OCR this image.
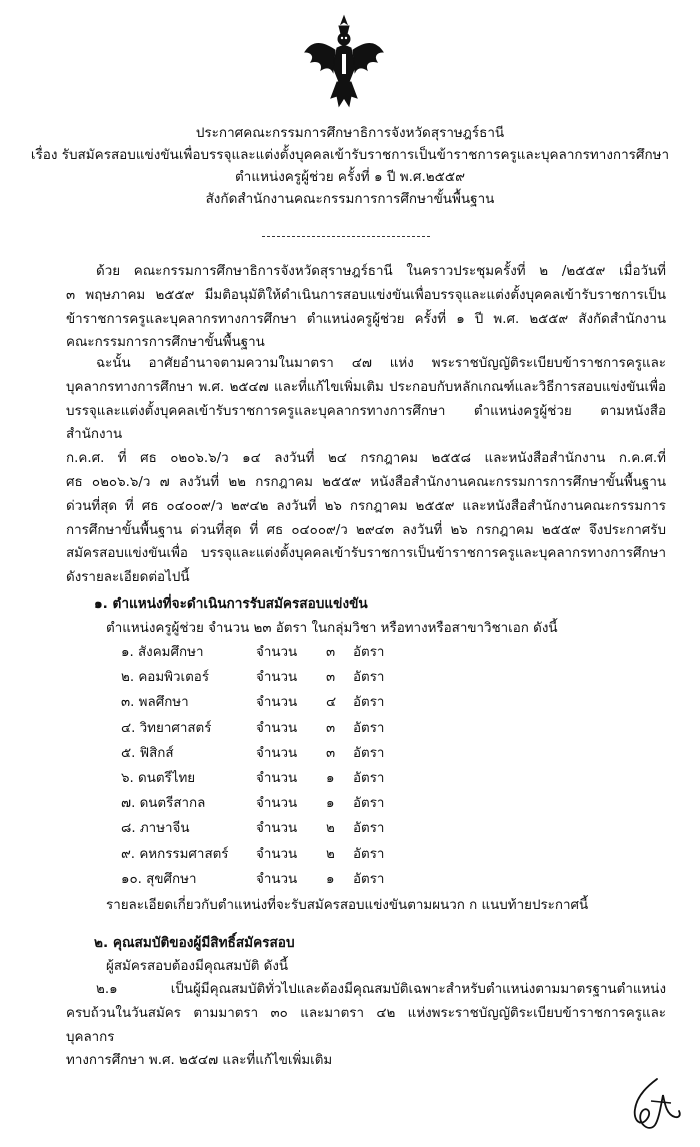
ประกาศคณะกรรมการศึกษาธิการจังหวัดสุราษฎร์ธานี
เรื่อง รับสมัครสอบแข่งขันเพื่อบรรจุและแต่งตั้งบุคคลเข้ารับราชการเป็นข้าราชการครูและบุคลากรทางการศึกษา
ตำแหน่งครูผู้ช่วย ครั้งที่ ๑ ปี พ.ศ.๒๕๕๙
สังกัดสำนักงานคณะกรรมการการศึกษาขั้นพื้นฐาน
ด้วย คณะกรรมการศึกษาธิการจังหวัดสุราษฎร์ธานี ในคราวประชุมครั้งที่ ๒ /๒๕๕๙ เมื่อวันที่
๓ พฤษภาคม ๒๕๕๙ มีมติอนุมัติให้ดำเนินการสอบแข่งขันเพื่อบรรจุและแต่งตั้งบุคคลเข้ารับราชการเป็น
ข้าราชการครูและบุคลากรทางการศึกษา ตำแหน่งครูผู้ช่วย ครั้งที่ ๑ ปี พ.ศ. ๒๕๕๙ สังกัดสำนักงาน
คณะกรรมการการศึกษาขั้นพื้นฐาน
ฉะนั้น อาศัยอำนาจตามความในมาตรา ๔๗ แห่ง พระราชบัญญัติระเบียบข้าราชการครูและ
บุคลากรทางการศึกษา พ.ศ. ๒๕๔๗ และที่แก้ไขเพิ่มเติม ประกอบกับหลักเกณฑ์และวิธีการสอบแข่งขันเพื่อ
บรรจุและแต่งตั้งบุคคลเข้ารับราชการครูและบุคลากรทางการศึกษา ตำแหน่งครูผู้ช่วย ตามหนังสือสำนักงาน
ก.ค.ศ. ที่ ศธ ๐๒๐๖.๖/ว ๑๔ ลงวันที่ ๒๔ กรกฎาคม ๒๕๕๘ และหนังสือสำนักงาน ก.ค.ศ.ที่
ศธ ๐๒๐๖.๖/ว ๗ ลงวันที่ ๒๒ กรกฎาคม ๒๕๕๙ หนังสือสำนักงานคณะกรรมการการศึกษาขั้นพื้นฐาน
ด่วนที่สุด ที่ ศธ ๐๔๐๐๙/ว ๒๙๔๒ ลงวันที่ ๒๖ กรกฎาคม ๒๕๕๙ และหนังสือสำนักงานคณะกรรมการ
การศึกษาขั้นพื้นฐาน ด่วนที่สุด ที่ ศธ ๐๔๐๐๙/ว ๒๙๔๓ ลงวันที่ ๒๖ กรกฎาคม ๒๕๕๙ จึงประกาศรับ
สมัครสอบแข่งขันเพื่อ บรรจุและแต่งตั้งบุคคลเข้ารับราชการเป็นข้าราชการครูและบุคลากรทางการศึกษา
ดังรายละเอียดต่อไปนี้
๑. ตำแหน่งที่จะดำเนินการรับสมัครสอบแข่งขัน
ตำแหน่งครูผู้ช่วย จำนวน ๒๓ อัตรา ในกลุ่มวิชา หรือทางหรือสาขาวิชาเอก ดังนี้
๑. สังคมศึกษา	จำนวน ๓ อัตรา
๒. คอมพิวเตอร์	จำนวน ๓ อัตรา
๓. พลศึกษา	จำนวน ๔ อัตรา
๔. วิทยาศาสตร์	จำนวน ๓ อัตรา
๕. ฟิสิกส์	จำนวน ๓ อัตรา
๖. ดนตรีไทย	จำนวน ๑ อัตรา
๗. ดนตรีสากล	จำนวน ๑ อัตรา
๘. ภาษาจีน	จำนวน ๒ อัตรา
๙. คหกรรมศาสตร์ จำนวน ๒ อัตรา
๑๐. สุขศึกษา	จำนวน ๑ อัตรา
รายละเอียดเกี่ยวกับตำแหน่งที่จะรับสมัครสอบแข่งขันตามผนวก ก แนบท้ายประกาศนี้
๒. คุณสมบัติของผู้มีสิทธิ์สมัครสอบ
ผู้สมัครสอบต้องมีคุณสมบัติ ดังนี้
๒.๑ เป็นผู้มีคุณสมบัติทั่วไปและต้องมีคุณสมบัติเฉพาะสำหรับตำแหน่งตามมาตรฐานตำแหน่ง
ครบถ้วนในวันสมัคร ตามมาตรา ๓๐ และมาตรา ๔๒ แห่งพระราชบัญญัติระเบียบข้าราชการครูและบุคลากร
ทางการศึกษา พ.ศ. ๒๕๔๗ และที่แก้ไขเพิ่มเติม
